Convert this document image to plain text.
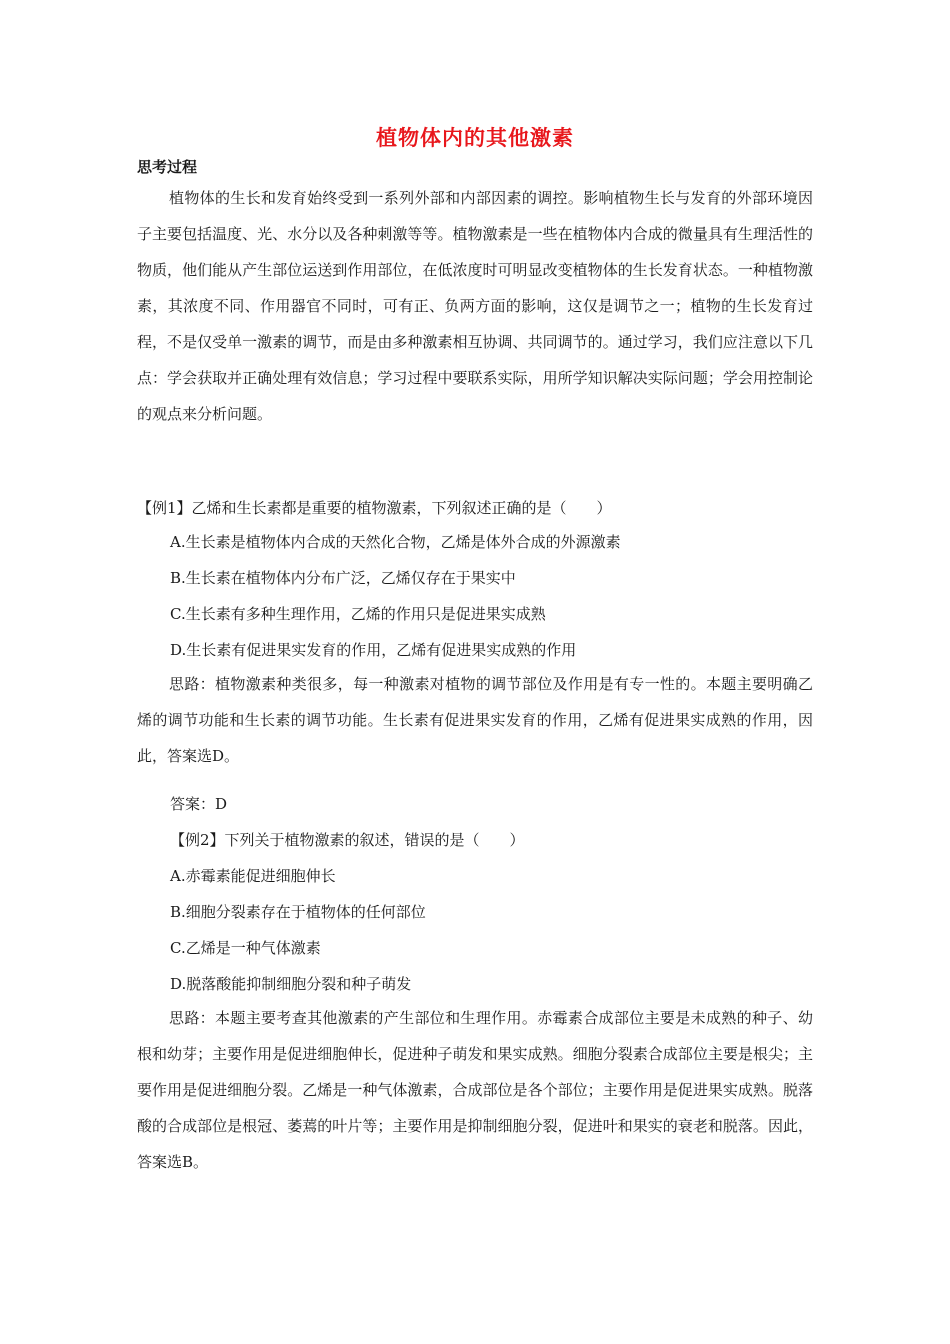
植物体内的其他激素
思考过程

植物体的生长和发育始终受到一系列外部和内部因素的调控。影响植物生长与发育的外部环境因子主要包括温度、光、水分以及各种刺激等等。植物激素是一些在植物体内合成的微量具有生理活性的物质，他们能从产生部位运送到作用部位，在低浓度时可明显改变植物体的生长发育状态。一种植物激素，其浓度不同、作用器官不同时，可有正、负两方面的影响，这仅是调节之一；植物的生长发育过程，不是仅受单一激素的调节，而是由多种激素相互协调、共同调节的。通过学习，我们应注意以下几点：学会获取并正确处理有效信息；学习过程中要联系实际，用所学知识解决实际问题；学会用控制论的观点来分析问题。

【例1】乙烯和生长素都是重要的植物激素，下列叙述正确的是（　　）
A.生长素是植物体内合成的天然化合物，乙烯是体外合成的外源激素
B.生长素在植物体内分布广泛，乙烯仅存在于果实中
C.生长素有多种生理作用，乙烯的作用只是促进果实成熟
D.生长素有促进果实发育的作用，乙烯有促进果实成熟的作用

思路：植物激素种类很多，每一种激素对植物的调节部位及作用是有专一性的。本题主要明确乙烯的调节功能和生长素的调节功能。生长素有促进果实发育的作用，乙烯有促进果实成熟的作用，因此，答案选D。

答案：D
【例2】下列关于植物激素的叙述，错误的是（　　）
A.赤霉素能促进细胞伸长
B.细胞分裂素存在于植物体的任何部位
C.乙烯是一种气体激素
D.脱落酸能抑制细胞分裂和种子萌发

思路：本题主要考查其他激素的产生部位和生理作用。赤霉素合成部位主要是未成熟的种子、幼根和幼芽；主要作用是促进细胞伸长，促进种子萌发和果实成熟。细胞分裂素合成部位主要是根尖；主要作用是促进细胞分裂。乙烯是一种气体激素，合成部位是各个部位；主要作用是促进果实成熟。脱落酸的合成部位是根冠、萎蔫的叶片等；主要作用是抑制细胞分裂，促进叶和果实的衰老和脱落。因此，答案选B。
